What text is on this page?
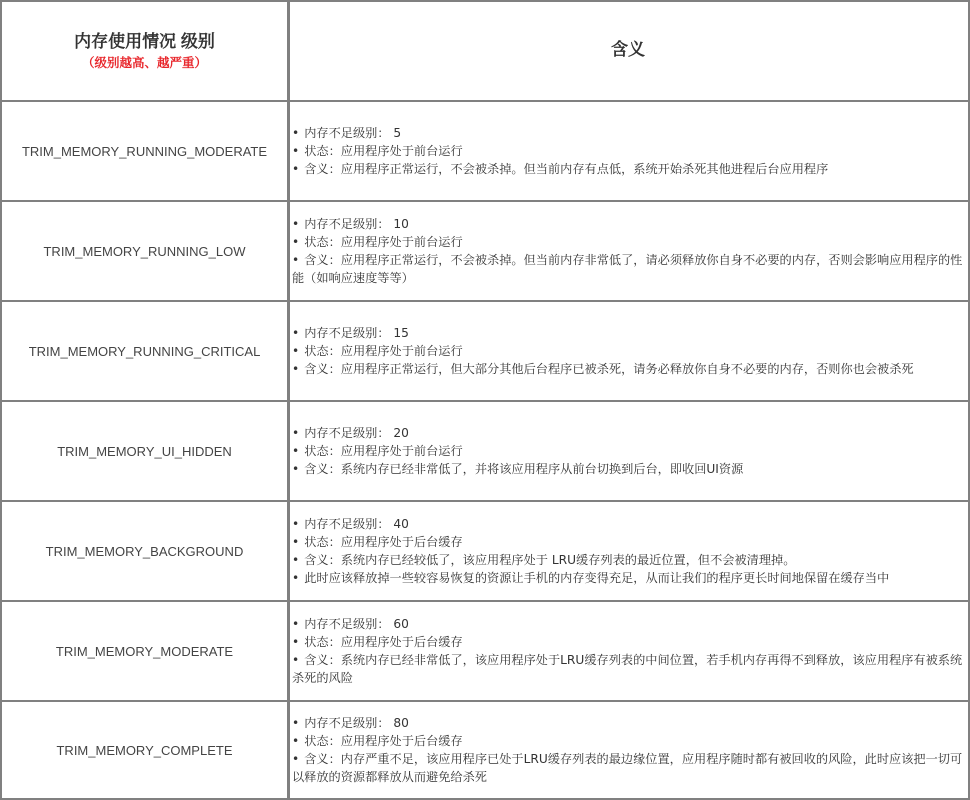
内存使用情况 级别
（级别越高、越严重）
含义
TRIM_MEMORY_RUNNING_MODERATE
• 内存不足级别： 5
• 状态：应用程序处于前台运行
• 含义：应用程序正常运行，不会被杀掉。但当前内存有点低，系统开始杀死其他进程后台应用程序
TRIM_MEMORY_RUNNING_LOW
• 内存不足级别： 10
• 状态：应用程序处于前台运行
• 含义：应用程序正常运行，不会被杀掉。但当前内存非常低了，请必须释放你自身不必要的内存，否则会影响应用程序的性能（如响应速度等等）
TRIM_MEMORY_RUNNING_CRITICAL
• 内存不足级别： 15
• 状态：应用程序处于前台运行
• 含义：应用程序正常运行，但大部分其他后台程序已被杀死，请务必释放你自身不必要的内存，否则你也会被杀死
TRIM_MEMORY_UI_HIDDEN
• 内存不足级别： 20
• 状态：应用程序处于前台运行
• 含义：系统内存已经非常低了，并将该应用程序从前台切换到后台，即收回UI资源
TRIM_MEMORY_BACKGROUND
• 内存不足级别： 40
• 状态：应用程序处于后台缓存
• 含义：系统内存已经较低了，该应用程序处于 LRU缓存列表的最近位置，但不会被清理掉。
• 此时应该释放掉一些较容易恢复的资源让手机的内存变得充足，从而让我们的程序更长时间地保留在缓存当中
TRIM_MEMORY_MODERATE
• 内存不足级别： 60
• 状态：应用程序处于后台缓存
• 含义：系统内存已经非常低了，该应用程序处于LRU缓存列表的中间位置，若手机内存再得不到释放，该应用程序有被系统杀死的风险
TRIM_MEMORY_COMPLETE
• 内存不足级别： 80
• 状态：应用程序处于后台缓存
• 含义：内存严重不足，该应用程序已处于LRU缓存列表的最边缘位置，应用程序随时都有被回收的风险，此时应该把一切可以释放的资源都释放从而避免给杀死
